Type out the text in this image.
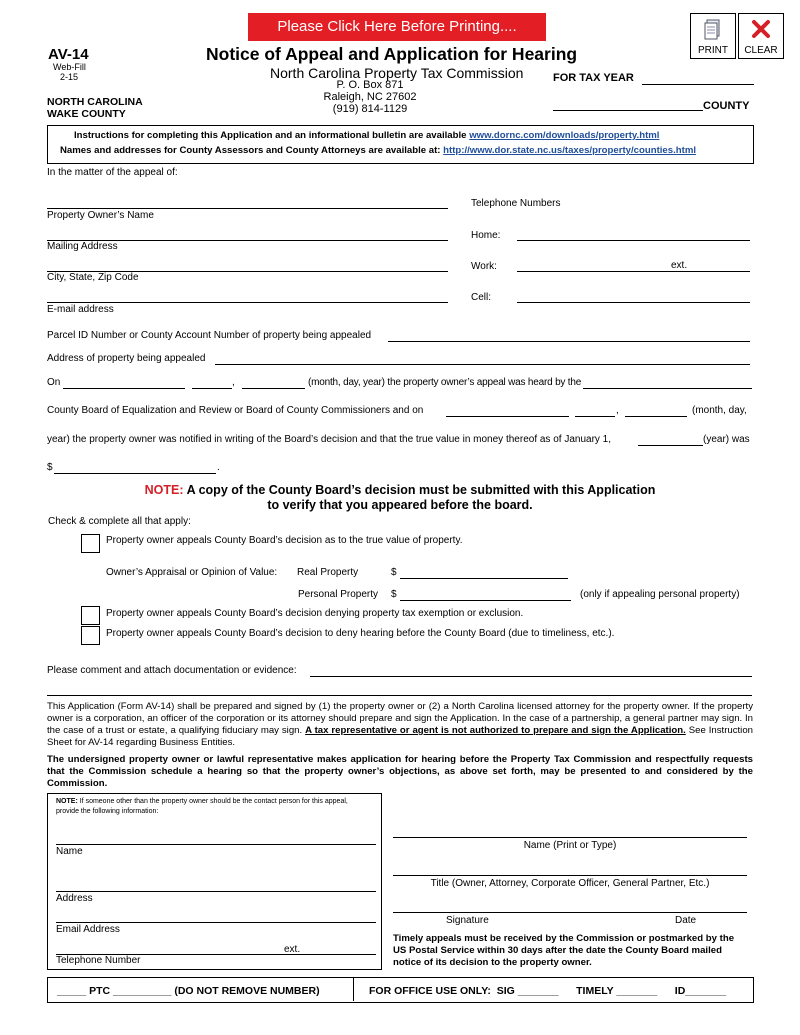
Please Click Here Before Printing....
PRINT	CLEAR
AV-14
Web-Fill
2-15
NORTH CAROLINA
WAKE COUNTY
Notice of Appeal and Application for Hearing
North Carolina Property Tax Commission
P. O. Box 871
Raleigh, NC 27602
(919) 814-1129
FOR TAX YEAR
COUNTY
Instructions for completing this Application and an informational bulletin are available www.dornc.com/downloads/property.html
Names and addresses for County Assessors and County Attorneys are available at: http://www.dor.state.nc.us/taxes/property/counties.html
In the matter of the appeal of:
Property Owner’s Name
Mailing Address
City, State, Zip Code
E-mail address
Telephone Numbers
Home:
Work:	ext.
Cell:
Parcel ID Number or County Account Number of property being appealed
Address of property being appealed
On	,	(month, day, year) the property owner’s appeal was heard by the
County Board of Equalization and Review or Board of County Commissioners and on	,	(month, day,
year) the property owner was notified in writing of the Board’s decision and that the true value in money thereof as of January 1,	(year) was
$	.
NOTE: A copy of the County Board’s decision must be submitted with this Application
to verify that you appeared before the board.
Check & complete all that apply:
Property owner appeals County Board’s decision as to the true value of property.
Owner’s Appraisal or Opinion of Value: Real Property	$
Personal Property $	(only if appealing personal property)
Property owner appeals County Board’s decision denying property tax exemption or exclusion.
Property owner appeals County Board’s decision to deny hearing before the County Board (due to timeliness, etc.).
Please comment and attach documentation or evidence:
This Application (Form AV-14) shall be prepared and signed by (1) the property owner or (2) a North Carolina licensed attorney for the property owner. If the property owner is a corporation, an officer of the corporation or its attorney should prepare and sign the Application. In the case of a partnership, a general partner may sign. In the case of a trust or estate, a qualifying fiduciary may sign. A tax representative or agent is not authorized to prepare and sign the Application. See Instruction Sheet for AV-14 regarding Business Entities.
The undersigned property owner or lawful representative makes application for hearing before the Property Tax Commission and respectfully requests that the Commission schedule a hearing so that the property owner’s objections, as above set forth, may be presented to and considered by the Commission.
NOTE: If someone other than the property owner should be the contact person for this appeal, provide the following information:
Name
Address
Email Address
ext.
Telephone Number
Name (Print or Type)
Title (Owner, Attorney, Corporate Officer, General Partner, Etc.)
Signature	Date
Timely appeals must be received by the Commission or postmarked by the US Postal Service within 30 days after the date the County Board mailed notice of its decision to the property owner.
_____ PTC __________ (DO NOT REMOVE NUMBER)	FOR OFFICE USE ONLY:  SIG _______      TIMELY _______      ID_______
